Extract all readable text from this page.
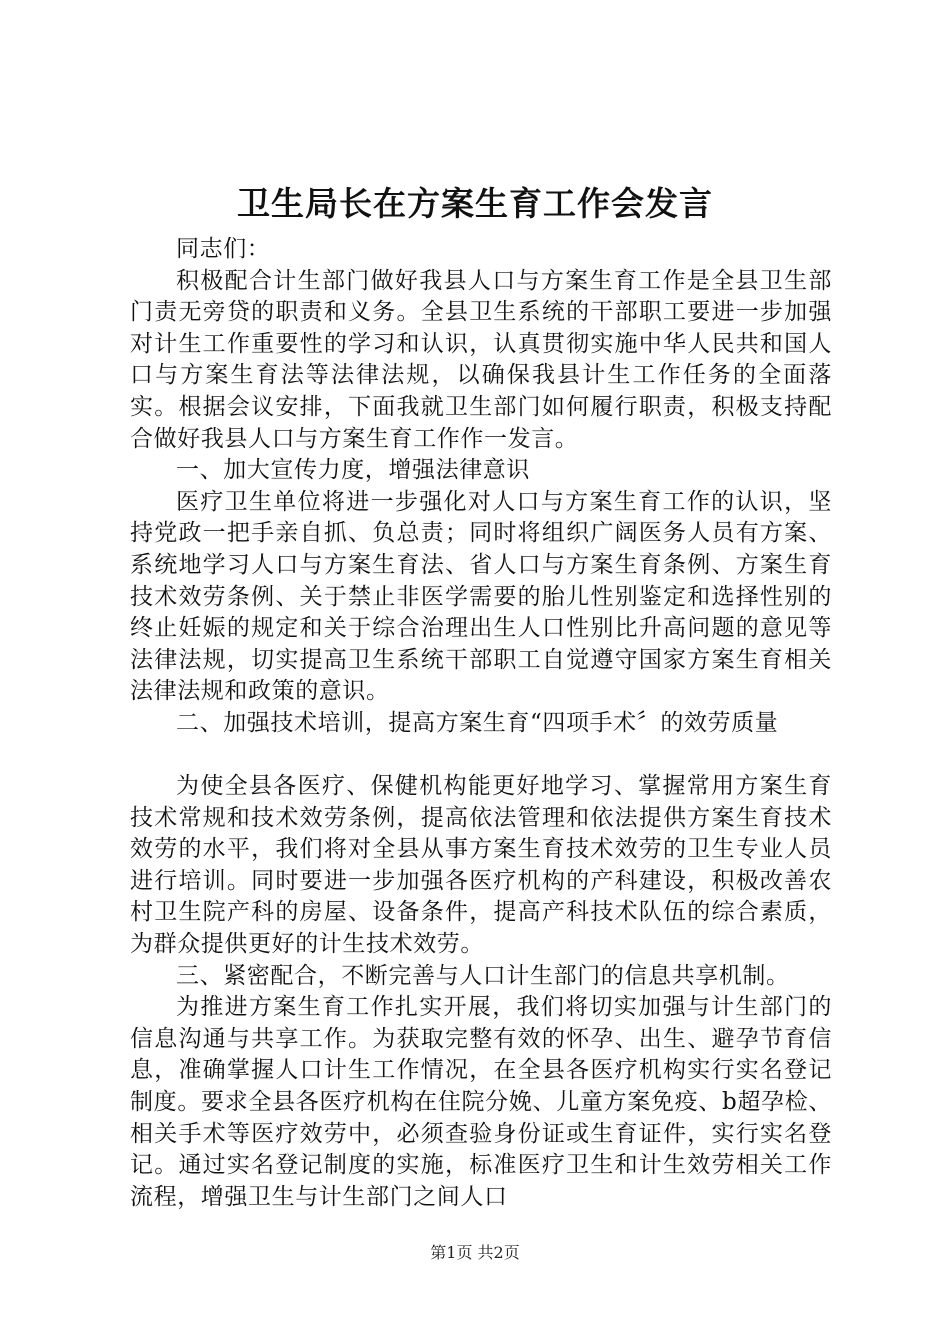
卫生局长在方案生育工作会发言

同志们：

积极配合计生部门做好我县人口与方案生育工作是全县卫生部门责无旁贷的职责和义务。全县卫生系统的干部职工要进一步加强对计生工作重要性的学习和认识，认真贯彻实施中华人民共和国人口与方案生育法等法律法规，以确保我县计生工作任务的全面落实。根据会议安排，下面我就卫生部门如何履行职责，积极支持配合做好我县人口与方案生育工作作一发言。

一、加大宣传力度，增强法律意识

医疗卫生单位将进一步强化对人口与方案生育工作的认识，坚持党政一把手亲自抓、负总责；同时将组织广阔医务人员有方案、系统地学习人口与方案生育法、省人口与方案生育条例、方案生育技术效劳条例、关于禁止非医学需要的胎儿性别鉴定和选择性别的终止妊娠的规定和关于综合治理出生人口性别比升高问题的意见等法律法规，切实提高卫生系统干部职工自觉遵守国家方案生育相关法律法规和政策的意识。

二、加强技术培训，提高方案生育“四项手术〞的效劳质量

为使全县各医疗、保健机构能更好地学习、掌握常用方案生育技术常规和技术效劳条例，提高依法管理和依法提供方案生育技术效劳的水平，我们将对全县从事方案生育技术效劳的卫生专业人员进行培训。同时要进一步加强各医疗机构的产科建设，积极改善农村卫生院产科的房屋、设备条件，提高产科技术队伍的综合素质，为群众提供更好的计生技术效劳。

三、紧密配合，不断完善与人口计生部门的信息共享机制。

为推进方案生育工作扎实开展，我们将切实加强与计生部门的信息沟通与共享工作。为获取完整有效的怀孕、出生、避孕节育信息，准确掌握人口计生工作情况，在全县各医疗机构实行实名登记制度。要求全县各医疗机构在住院分娩、儿童方案免疫、b超孕检、相关手术等医疗效劳中，必须查验身份证或生育证件，实行实名登记。通过实名登记制度的实施，标准医疗卫生和计生效劳相关工作流程，增强卫生与计生部门之间人口

第1页 共2页
